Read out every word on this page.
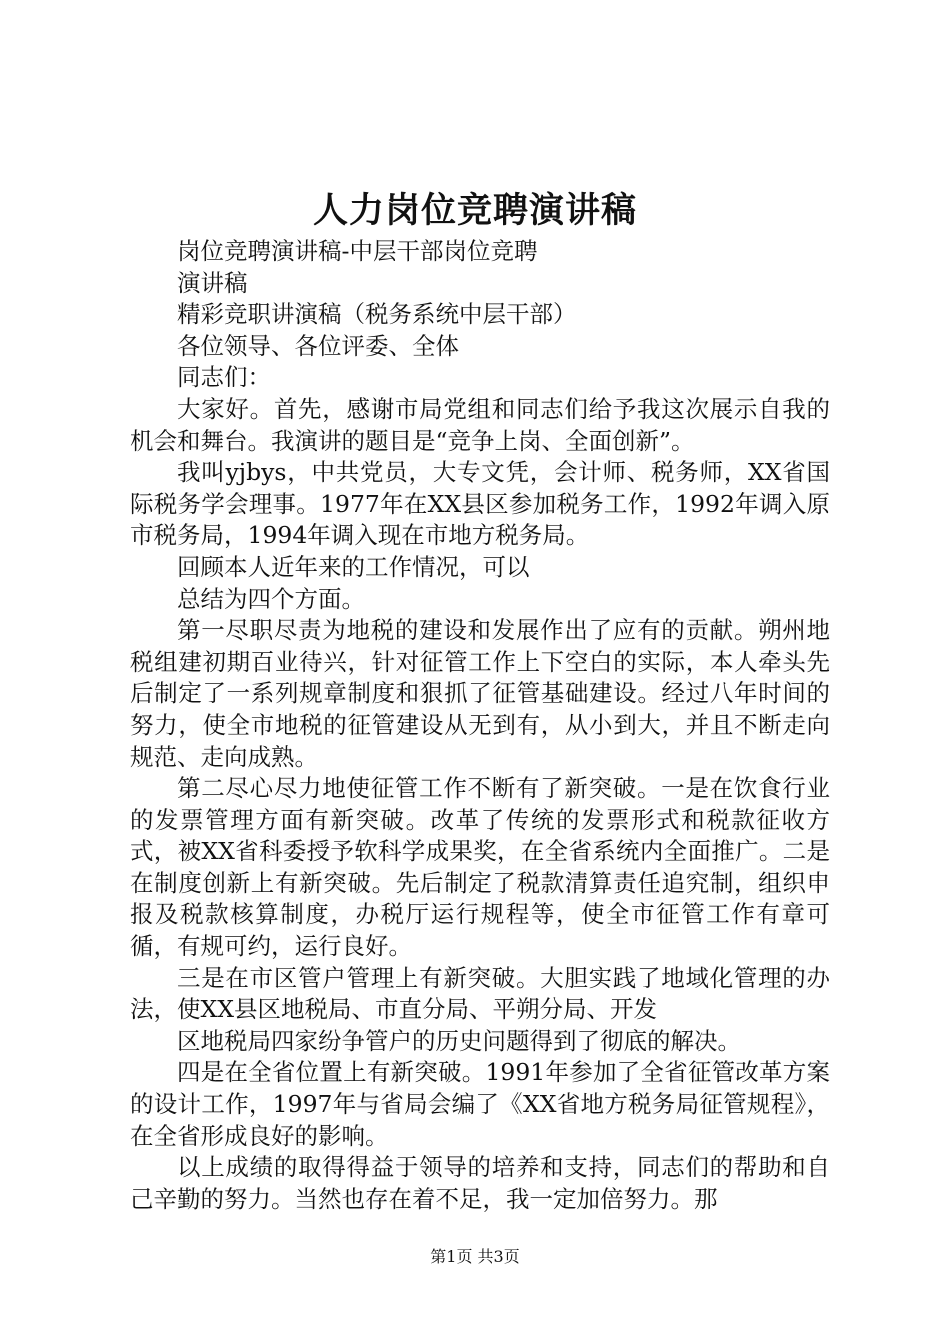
人力岗位竞聘演讲稿

岗位竞聘演讲稿-中层干部岗位竞聘

演讲稿

精彩竞职讲演稿（税务系统中层干部）

各位领导、各位评委、全体

同志们：

大家好。首先，感谢市局党组和同志们给予我这次展示自我的机会和舞台。我演讲的题目是“竞争上岗、全面创新”。

我叫yjbys，中共党员，大专文凭，会计师、税务师，XX省国际税务学会理事。1977年在XX县区参加税务工作，1992年调入原市税务局，1994年调入现在市地方税务局。

回顾本人近年来的工作情况，可以

总结为四个方面。

第一尽职尽责为地税的建设和发展作出了应有的贡献。朔州地税组建初期百业待兴，针对征管工作上下空白的实际，本人牵头先后制定了一系列规章制度和狠抓了征管基础建设。经过八年时间的努力，使全市地税的征管建设从无到有，从小到大，并且不断走向规范、走向成熟。

第二尽心尽力地使征管工作不断有了新突破。一是在饮食行业的发票管理方面有新突破。改革了传统的发票形式和税款征收方式，被XX省科委授予软科学成果奖，在全省系统内全面推广。二是在制度创新上有新突破。先后制定了税款清算责任追究制，组织申报及税款核算制度，办税厅运行规程等，使全市征管工作有章可循，有规可约，运行良好。

三是在市区管户管理上有新突破。大胆实践了地域化管理的办法，使XX县区地税局、市直分局、平朔分局、开发

区地税局四家纷争管户的历史问题得到了彻底的解决。

四是在全省位置上有新突破。1991年参加了全省征管改革方案的设计工作，1997年与省局会编了《XX省地方税务局征管规程》，在全省形成良好的影响。

以上成绩的取得得益于领导的培养和支持，同志们的帮助和自己辛勤的努力。当然也存在着不足，我一定加倍努力。那

第1页 共3页
